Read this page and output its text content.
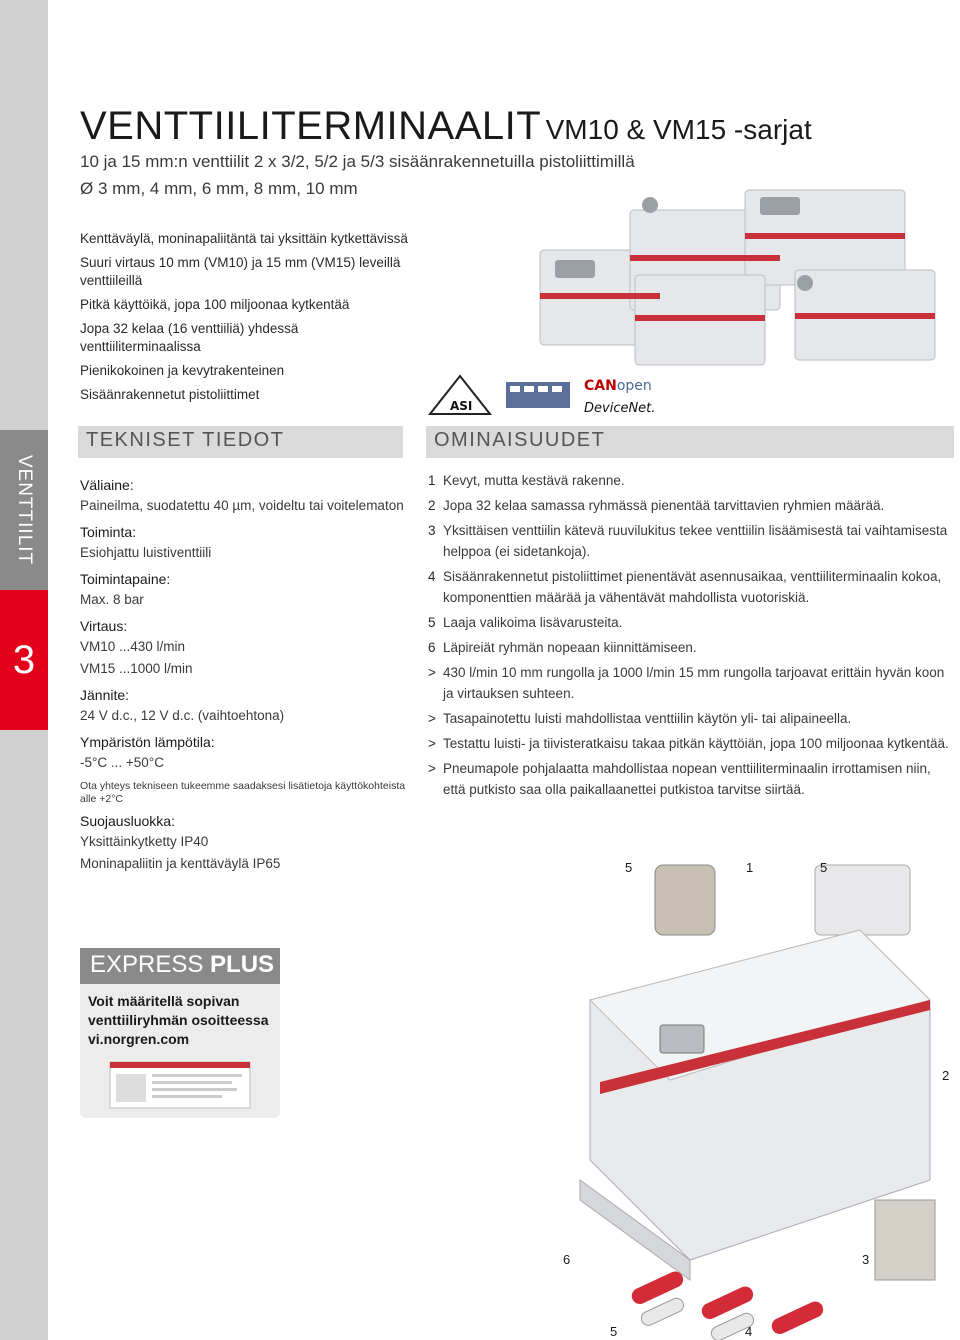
VENTTIILIT
3
VENTTIILITERMINAALIT VM10 & VM15 -sarjat
10 ja 15 mm:n venttiilit 2 x 3/2, 5/2 ja 5/3 sisäänrakennetuilla pistoliittimillä
Ø 3 mm, 4 mm, 6 mm, 8 mm, 10 mm
Kenttäväylä, moninapaliitäntä tai yksittäin kytkettävissä
Suuri virtaus 10 mm (VM10) ja 15 mm (VM15) leveillä venttiileillä
Pitkä käyttöikä, jopa 100 miljoonaa kytkentää
Jopa 32 kelaa (16 venttiiliä) yhdessä venttiiliterminaalissa
Pienikokoinen ja kevytrakenteinen
Sisäänrakennetut pistoliittimet
ASI
CANopen
DeviceNet.
TEKNISET TIEDOT	OMINAISUUDET
Väliaine:
Paineilma, suodatettu 40 µm, voideltu tai voitelematon
Toiminta:
Esiohjattu luistiventtiili
Toimintapaine:
Max. 8 bar
Virtaus:
VM10 ...430 l/min
VM15 ...1000 l/min
Jännite:
24 V d.c., 12 V d.c. (vaihtoehtona)
Ympäristön lämpötila:
-5°C ... +50°C
Ota yhteys tekniseen tukeemme saadaksesi lisätietoja käyttökohteista alle +2°C
Suojausluokka:
Yksittäinkytketty IP40
Moninapaliitin ja kenttäväylä IP65
1 Kevyt, mutta kestävä rakenne.
2 Jopa 32 kelaa samassa ryhmässä pienentää tarvittavien ryhmien määrää.
3 Yksittäisen venttiilin kätevä ruuvilukitus tekee venttiilin lisäämisestä tai vaihtamisesta helppoa (ei sidetankoja).
4 Sisäänrakennetut pistoliittimet pienentävät asennusaikaa, venttiiliterminaalin kokoa, komponenttien määrää ja vähentävät mahdollista vuotoriskiä.
5 Laaja valikoima lisävarusteita.
6 Läpireiät ryhmän nopeaan kiinnittämiseen.
> 430 l/min 10 mm rungolla ja 1000 l/min 15 mm rungolla tarjoavat erittäin hyvän koon ja virtauksen suhteen.
> Tasapainotettu luisti mahdollistaa venttiilin käytön yli- tai alipaineella.
> Testattu luisti- ja tiivisteratkaisu takaa pitkän käyttöiän, jopa 100 miljoonaa kytkentää.
> Pneumapole pohjalaatta mahdollistaa nopean venttiiliterminaalin irrottamisen niin, että putkisto saa olla paikallaanettei putkistoa tarvitse siirtää.
EXPRESS PLUS
Voit määritellä sopivan venttiiliryhmän osoitteessa vi.norgren.com
5	1	5
2
6	3
5	4
